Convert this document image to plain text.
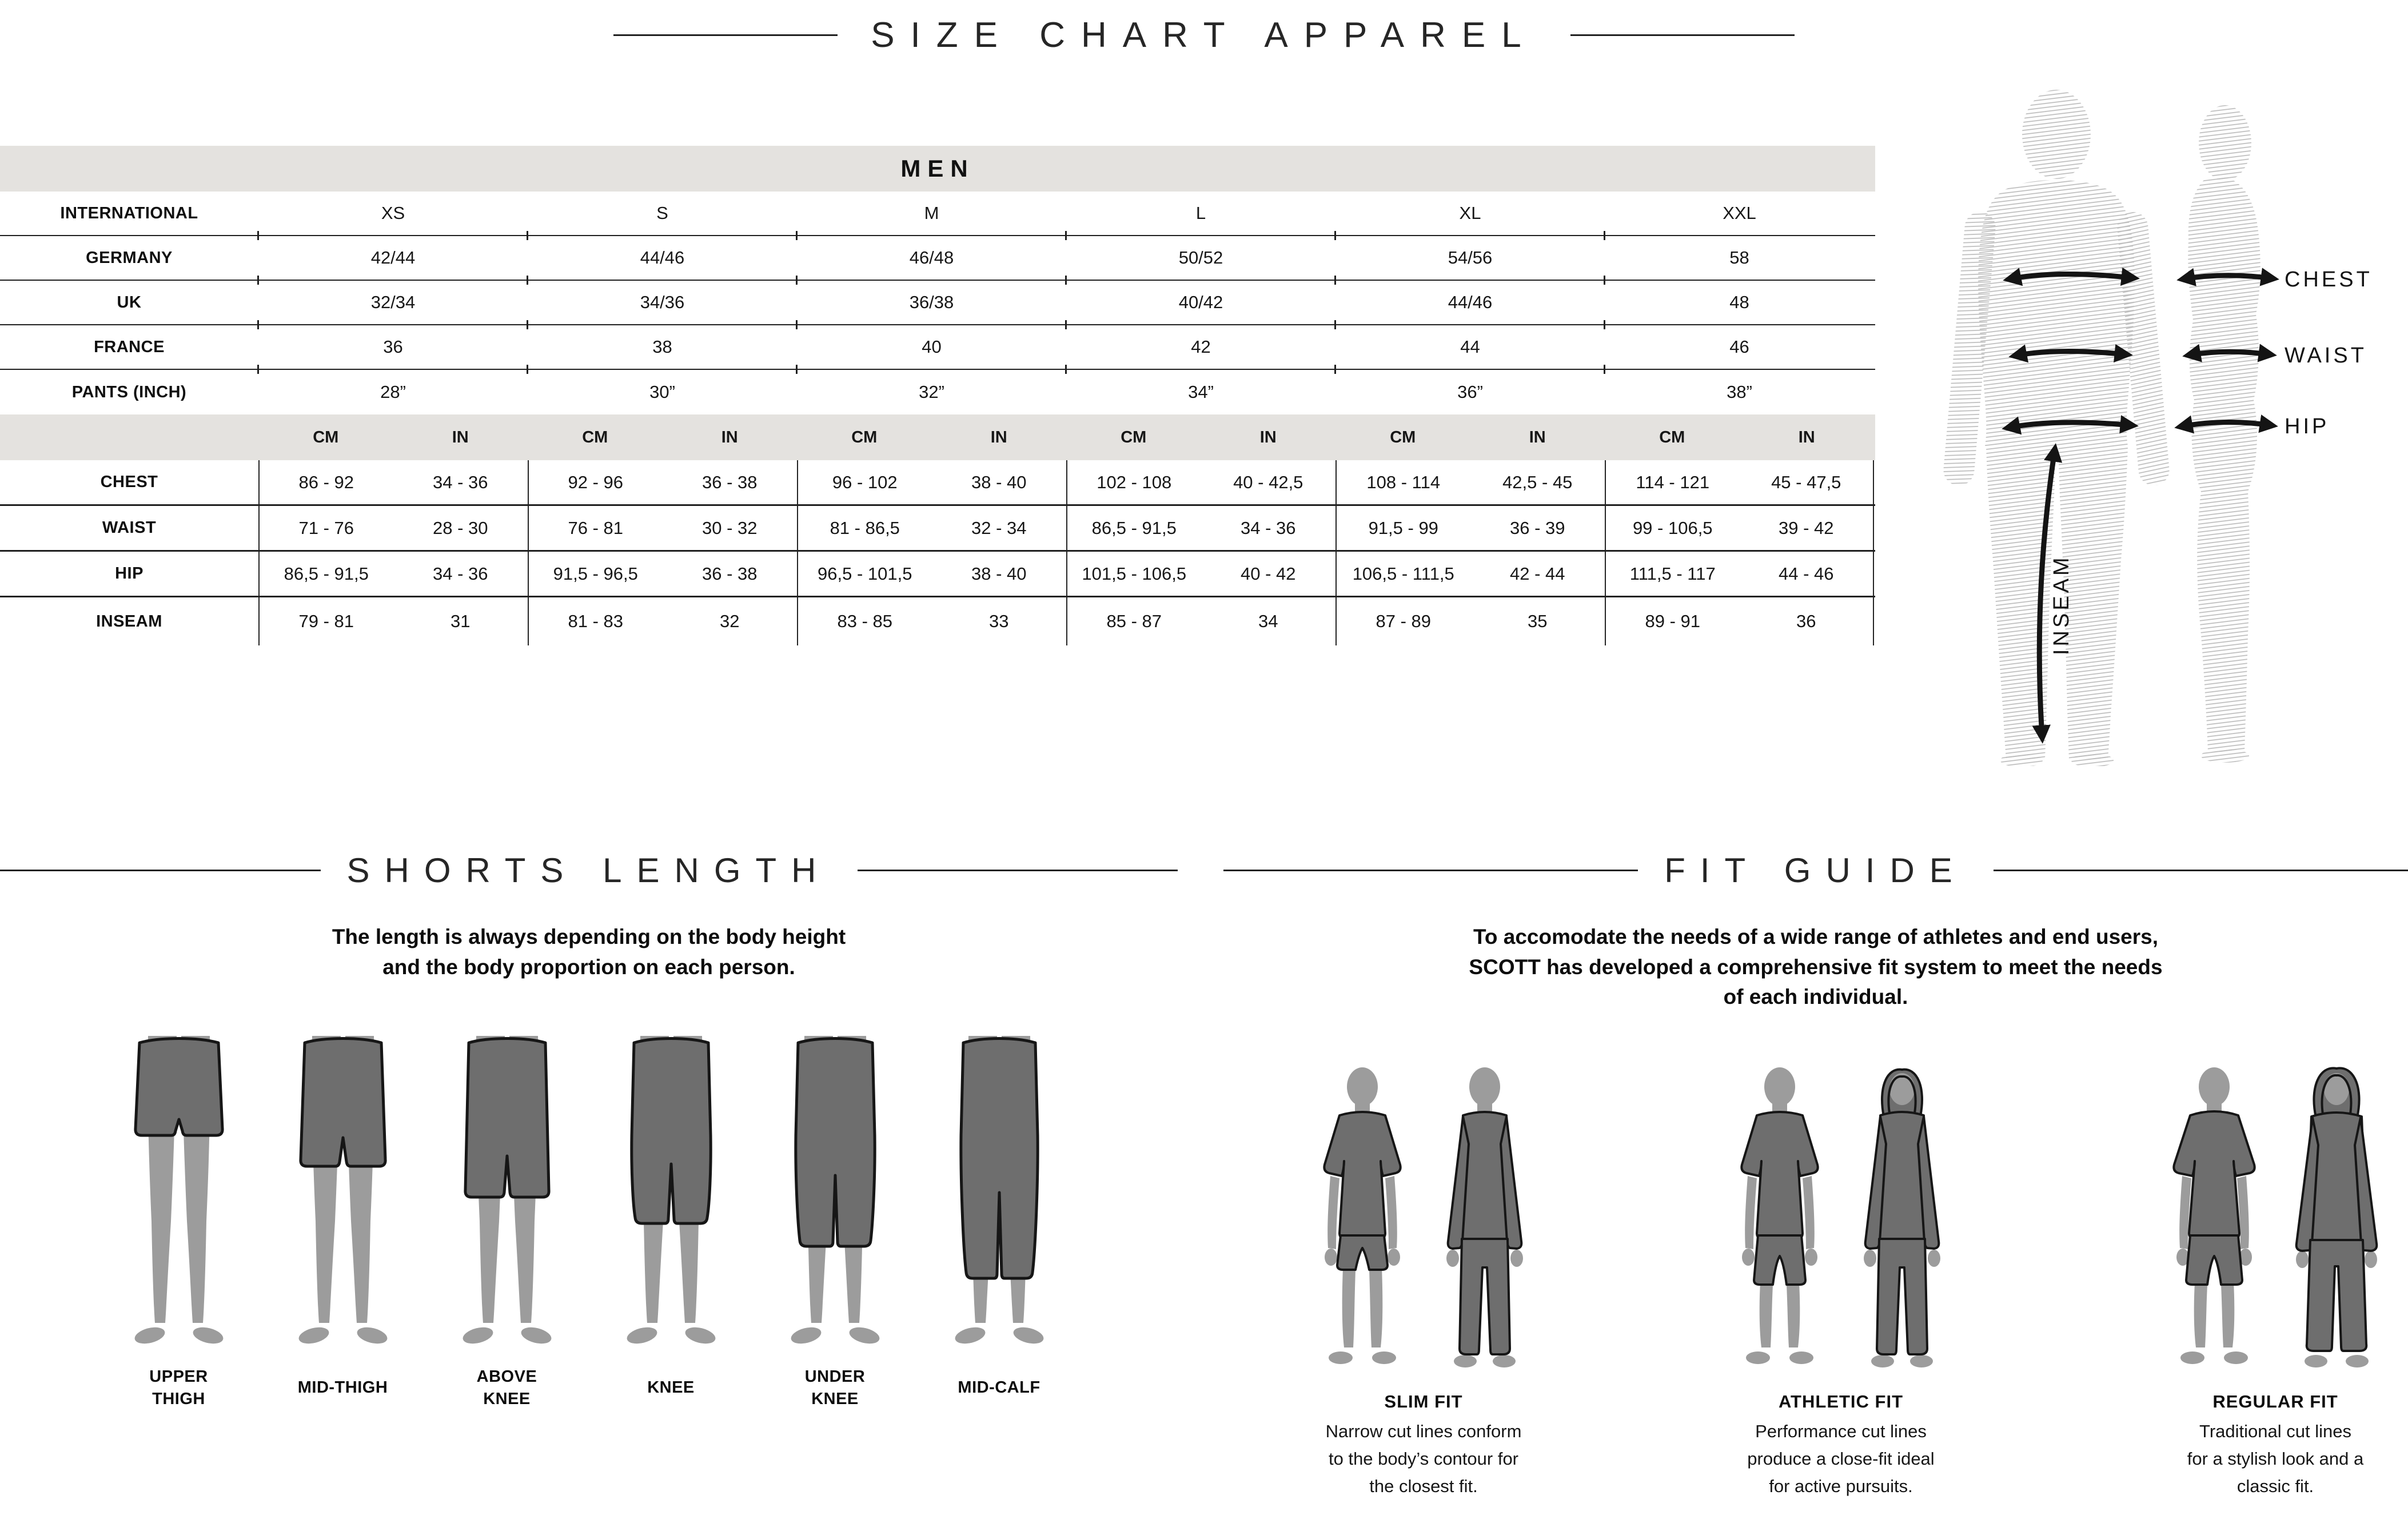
SIZE CHART APPAREL
MEN
INTERNATIONAL	XS	S	M	L	XL	XXL
GERMANY	42/44	44/46	46/48	50/52	54/56	58
UK	32/34	34/36	36/38	40/42	44/46	48
FRANCE	36	38	40	42	44	46
PANTS (INCH)	28”	30”	32”	34”	36”	38”
CM	IN	CM	IN	CM	IN	CM	IN	CM	IN	CM	IN
CHEST	86 - 92	34 - 36	92 - 96	36 - 38	96 - 102	38 - 40	102 - 108	40 - 42,5	108 - 114	42,5 - 45	114 - 121	45 - 47,5
WAIST	71 - 76	28 - 30	76 - 81	30 - 32	81 - 86,5	32 - 34	86,5 - 91,5	34 - 36	91,5 - 99	36 - 39	99 - 106,5	39 - 42
HIP	86,5 - 91,5	34 - 36	91,5 - 96,5	36 - 38	96,5 - 101,5	38 - 40	101,5 - 106,5	40 - 42	106,5 - 111,5	42 - 44	111,5 - 117	44 - 46
INSEAM	79 - 81	31	81 - 83	32	83 - 85	33	85 - 87	34	87 - 89	35	89 - 91	36
CHEST
WAIST
HIP
INSEAM
SHORTS LENGTH
The length is always depending on the body height
and the body proportion on each person.
UPPER
THIGH
MID-THIGH
ABOVE
KNEE
KNEE
UNDER
KNEE
MID-CALF
FIT GUIDE
To accomodate the needs of a wide range of athletes and end users,
SCOTT has developed a comprehensive fit system to meet the needs
of each individual.
SLIM FIT
Narrow cut lines conform
to the body’s contour for
the closest fit.
ATHLETIC FIT
Performance cut lines
produce a close-fit ideal
for active pursuits.
REGULAR FIT
Traditional cut lines
for a stylish look and a
classic fit.
